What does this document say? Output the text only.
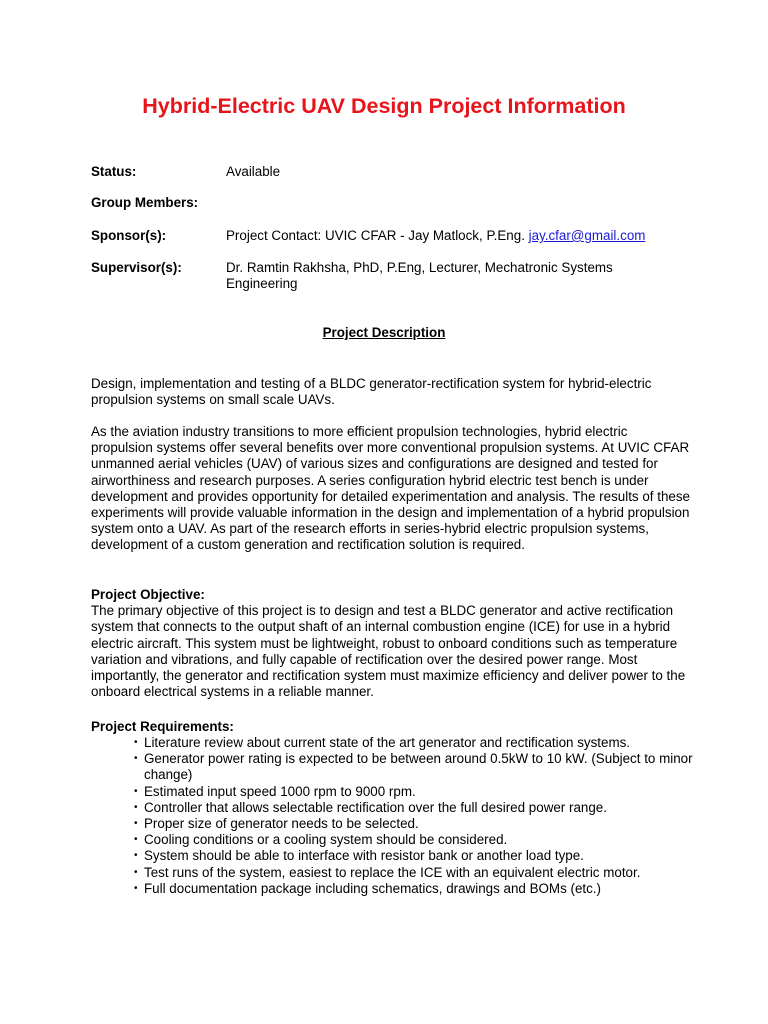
Hybrid-Electric UAV Design Project Information
Status:	Available
Group Members:
Sponsor(s):	Project Contact: UVIC CFAR - Jay Matlock, P.Eng. jay.cfar@gmail.com
Supervisor(s):	Dr. Ramtin Rakhsha, PhD, P.Eng, Lecturer, Mechatronic Systems Engineering
Project Description

Design, implementation and testing of a BLDC generator-rectification system for hybrid-electric propulsion systems on small scale UAVs.

As the aviation industry transitions to more efficient propulsion technologies, hybrid electric propulsion systems offer several benefits over more conventional propulsion systems. At UVIC CFAR unmanned aerial vehicles (UAV) of various sizes and configurations are designed and tested for airworthiness and research purposes. A series configuration hybrid electric test bench is under development and provides opportunity for detailed experimentation and analysis. The results of these experiments will provide valuable information in the design and implementation of a hybrid propulsion system onto a UAV. As part of the research efforts in series-hybrid electric propulsion systems, development of a custom generation and rectification solution is required.

Project Objective:
The primary objective of this project is to design and test a BLDC generator and active rectification system that connects to the output shaft of an internal combustion engine (ICE) for use in a hybrid electric aircraft. This system must be lightweight, robust to onboard conditions such as temperature variation and vibrations, and fully capable of rectification over the desired power range. Most importantly, the generator and rectification system must maximize efficiency and deliver power to the onboard electrical systems in a reliable manner.
Project Requirements:
• Literature review about current state of the art generator and rectification systems.
• Generator power rating is expected to be between around 0.5kW to 10 kW. (Subject to minor change)
• Estimated input speed 1000 rpm to 9000 rpm.
• Controller that allows selectable rectification over the full desired power range.
• Proper size of generator needs to be selected.
• Cooling conditions or a cooling system should be considered.
• System should be able to interface with resistor bank or another load type.
• Test runs of the system, easiest to replace the ICE with an equivalent electric motor.
• Full documentation package including schematics, drawings and BOMs (etc.)
